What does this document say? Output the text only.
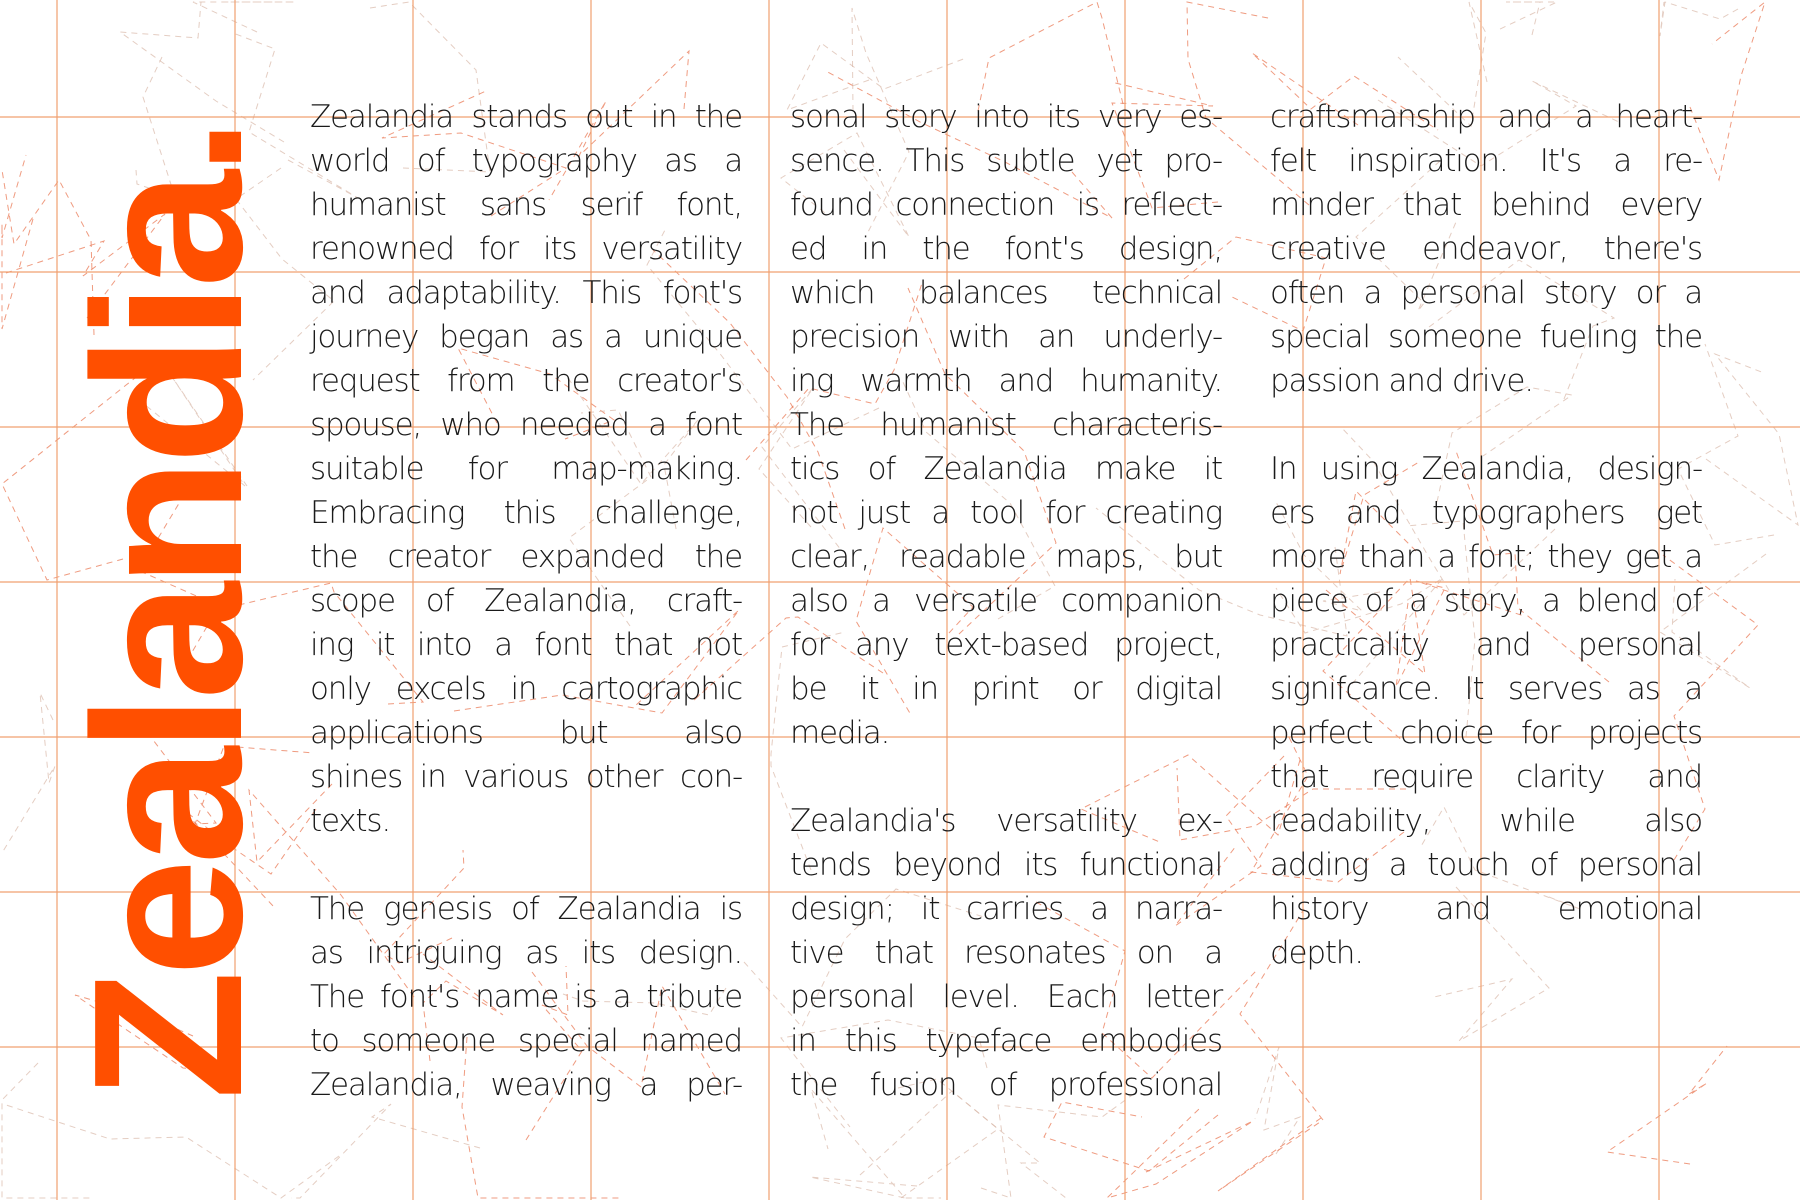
Zealandia.
Zealandia stands out in the
world of typography as a
humanist sans serif font,
renowned for its versatility
and adaptability. This font's
journey began as a unique
request from the creator's
spouse, who needed a font
suitable for map-making.
Embracing this challenge,
the creator expanded the
scope of Zealandia, craft-
ing it into a font that not
only excels in cartographic
applications but also
shines in various other con-
texts.
The genesis of Zealandia is
as intriguing as its design.
The font's name is a tribute
to someone special named
Zealandia, weaving a per-
sonal story into its very es-
sence. This subtle yet pro-
found connection is reflect-
ed in the font's design,
which balances technical
precision with an underly-
ing warmth and humanity.
The humanist characteris-
tics of Zealandia make it
not just a tool for creating
clear, readable maps, but
also a versatile companion
for any text-based project,
be it in print or digital
media.
Zealandia's versatility ex-
tends beyond its functional
design; it carries a narra-
tive that resonates on a
personal level. Each letter
in this typeface embodies
the fusion of professional
craftsmanship and a heart-
felt inspiration. It's a re-
minder that behind every
creative endeavor, there's
often a personal story or a
special someone fueling the
passion and drive.
In using Zealandia, design-
ers and typographers get
more than a font; they get a
piece of a story, a blend of
practicality and personal
signifcance. It serves as a
perfect choice for projects
that require clarity and
readability, while also
adding a touch of personal
history and emotional
depth.
